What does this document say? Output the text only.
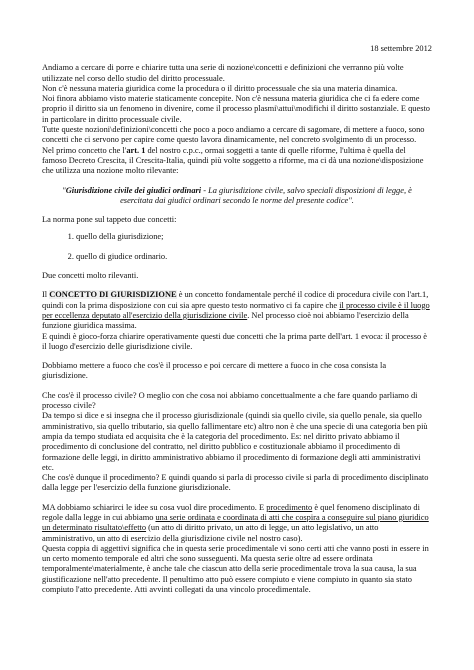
18 settembre 2012

Andiamo a cercare di porre e chiarire tutta una serie di nozione\concetti e definizioni che verranno più volte utilizzate nel corso dello studio del diritto processuale.

Non c'è nessuna materia giuridica come la procedura o il diritto processuale che sia una materia dinamica.

Noi finora abbiamo visto materie staticamente concepite. Non c'è nessuna materia giuridica che ci fa edere come proprio il diritto sia un fenomeno in divenire, come il processo plasmi\attui\modifichi il diritto sostanziale. E questo in particolare in diritto processuale civile.

Tutte queste nozioni\definizioni\concetti che poco a poco andiamo a cercare di sagomare, di mettere a fuoco, sono concetti che ci servono per capire come questo lavora dinamicamente, nel concreto svolgimento di un processo.

Nel primo concetto che l'art. 1 del nostro c.p.c., ormai soggetti a tante di quelle riforme, l'ultima è quella del famoso Decreto Crescita, il Crescita-Italia, quindi più volte soggetto a riforme, ma ci dà una nozione\disposizione che utilizza una nozione molto rilevante:

"Giurisdizione civile dei giudici ordinari - La giurisdizione civile, salvo speciali disposizioni di legge, è esercitata dai giudici ordinari secondo le norme del presente codice".

La norma pone sul tappeto due concetti:

1. quello della giurisdizione;
2. quello di giudice ordinario.

Due concetti molto rilevanti.

Il CONCETTO DI GIURISDIZIONE è un concetto fondamentale perché il codice di procedura civile con l'art.1, quindi con la prima disposizione con cui sia apre questo testo normativo ci fa capire che il processo civile è il luogo per eccellenza deputato all'esercizio della giurisdizione civile. Nel processo cioè noi abbiamo l'esercizio della funzione giuridica massima.

E quindi è gioco-forza chiarire operativamente questi due concetti che la prima parte dell'art. 1 evoca: il processo è il luogo d'esercizio delle giurisdizione civile.

Dobbiamo mettere a fuoco che cos'è il processo e poi cercare di mettere a fuoco in che cosa consista la giurisdizione.

Che cos'è il processo civile? O meglio con che cosa noi abbiamo concettualmente a che fare quando parliamo di processo civile?

Da tempo si dice e si insegna che il processo giurisdizionale (quindi sia quello civile, sia quello penale, sia quello amministrativo, sia quello tributario, sia quello fallimentare etc) altro non è che una specie di una categoria ben più ampia da tempo studiata ed acquisita che è la categoria del procedimento. Es: nel diritto privato abbiamo il procedimento di conclusione del contratto, nel diritto pubblico e costituzionale abbiamo il procedimento di formazione delle leggi, in diritto amministrativo abbiamo il procedimento di formazione degli atti amministrativi etc.

Che cos'è dunque il procedimento? E quindi quando si parla di processo civile si parla di procedimento disciplinato dalla legge per l'esercizio della funzione giurisdizionale.

MA dobbiamo schiarirci le idee su cosa vuol dire procedimento. E procedimento è quel fenomeno disciplinato di regole dalla legge in cui abbiamo una serie ordinata e coordinata di atti che cospira a conseguire sul piano giuridico un determinato risultato\effetto (un atto di diritto privato, un atto di legge, un atto legislativo, un atto amministrativo, un atto di esercizio della giurisdizione civile nel nostro caso).

Questa coppia di aggettivi significa che in questa serie procedimentale vi sono certi atti che vanno posti in essere in un certo momento temporale ed altri che sono susseguenti. Ma questa serie oltre ad essere ordinata temporalmente\materialmente, è anche tale che ciascun atto della serie procedimentale trova la sua causa, la sua giustificazione nell'atto precedente. Il penultimo atto può essere compiuto e viene compiuto in quanto sia stato compiuto l'atto precedente. Atti avvinti collegati da una vincolo procedimentale.
